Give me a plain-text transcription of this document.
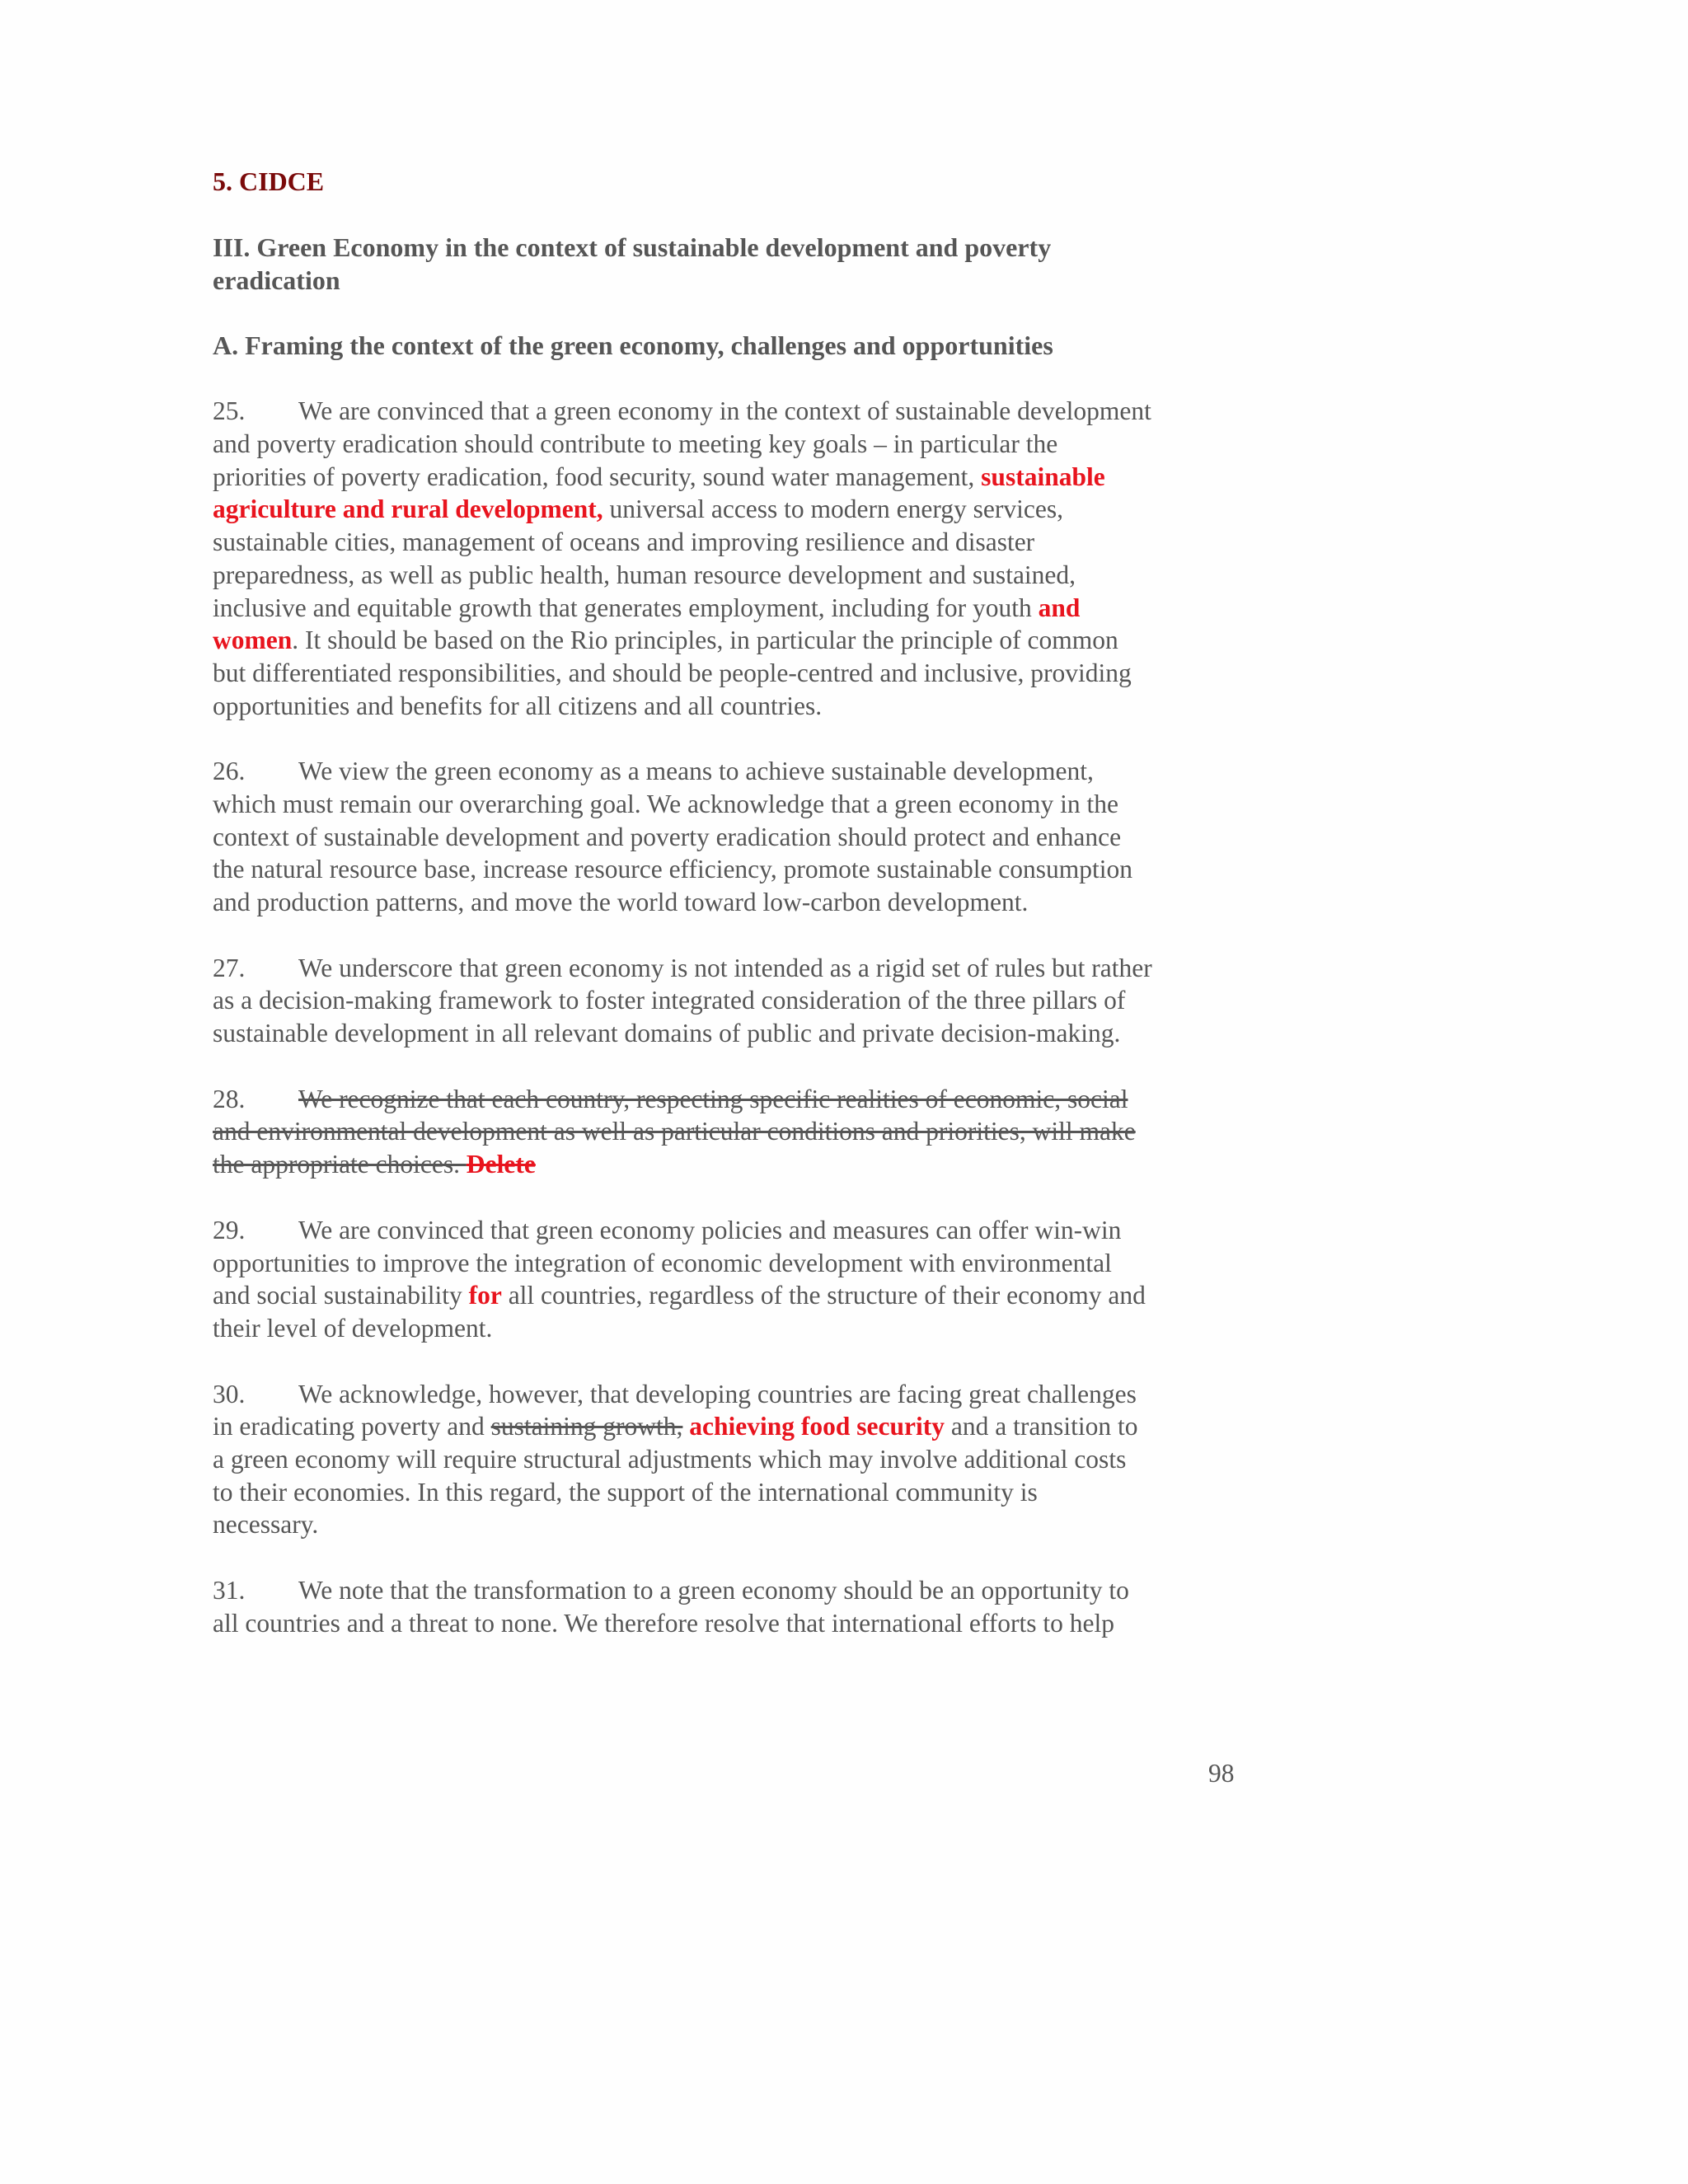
5. CIDCE
III. Green Economy in the context of sustainable development and poverty
eradication
A. Framing the context of the green economy, challenges and opportunities
25. We are convinced that a green economy in the context of sustainable development
and poverty eradication should contribute to meeting key goals – in particular the
priorities of poverty eradication, food security, sound water management, sustainable
agriculture and rural development, universal access to modern energy services,
sustainable cities, management of oceans and improving resilience and disaster
preparedness, as well as public health, human resource development and sustained,
inclusive and equitable growth that generates employment, including for youth and
women. It should be based on the Rio principles, in particular the principle of common
but differentiated responsibilities, and should be people-centred and inclusive, providing
opportunities and benefits for all citizens and all countries.
26. We view the green economy as a means to achieve sustainable development,
which must remain our overarching goal. We acknowledge that a green economy in the
context of sustainable development and poverty eradication should protect and enhance
the natural resource base, increase resource efficiency, promote sustainable consumption
and production patterns, and move the world toward low-carbon development.
27. We underscore that green economy is not intended as a rigid set of rules but rather
as a decision-making framework to foster integrated consideration of the three pillars of
sustainable development in all relevant domains of public and private decision-making.
28. We recognize that each country, respecting specific realities of economic, social
and environmental development as well as particular conditions and priorities, will make
the appropriate choices. Delete
29. We are convinced that green economy policies and measures can offer win-win
opportunities to improve the integration of economic development with environmental
and social sustainability for all countries, regardless of the structure of their economy and
their level of development.
30. We acknowledge, however, that developing countries are facing great challenges
in eradicating poverty and sustaining growth, achieving food security and a transition to
a green economy will require structural adjustments which may involve additional costs
to their economies. In this regard, the support of the international community is
necessary.
31. We note that the transformation to a green economy should be an opportunity to
all countries and a threat to none. We therefore resolve that international efforts to help
98
